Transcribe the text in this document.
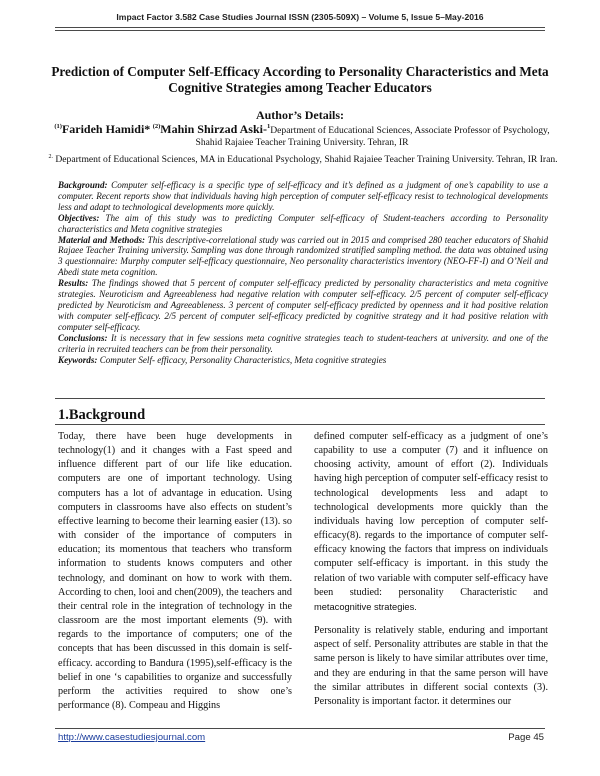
Impact Factor 3.582 Case Studies Journal ISSN (2305-509X) – Volume 5, Issue 5–May-2016
Prediction of Computer Self-Efficacy According to Personality Characteristics and Meta Cognitive Strategies among Teacher Educators
Author’s Details:
$^{(1)}$Farideh Hamidi* $^{(2)}$Mahin Shirzad Aski-$^1$Department of Educational Sciences, Associate Professor of Psychology, Shahid Rajaiee Teacher Training University. Tehran, IR
$^{2.}$ Department of Educational Sciences, MA in Educational Psychology, Shahid Rajaiee Teacher Training University. Tehran, IR Iran.

Background: Computer self-efficacy is a specific type of self-efficacy and it’s defined as a judgment of one’s capability to use a computer. Recent reports show that individuals having high perception of computer self-efficacy resist to technological developments less and adapt to technological developments more quickly.

Objectives: The aim of this study was to predicting Computer self-efficacy of Student-teachers according to Personality characteristics and Meta cognitive strategies

Material and Methods: This descriptive-correlational study was carried out in 2015 and comprised 280 teacher educators of Shahid Rajaee Teacher Training university. Sampling was done through randomized stratified sampling method. the data was obtained using 3 questionnaire: Murphy computer self-efficacy questionnaire, Neo personality characteristics inventory (NEO-FF-I) and O’Neil and Abedi state meta cognition.

Results: The findings showed that 5 percent of computer self-efficacy predicted by personality characteristics and meta cognitive strategies. Neuroticism and Agreeableness had negative relation with computer self-efficacy. 2/5 percent of computer self-efficacy predicted by Neuroticism and Agreeableness. 3 percent of computer self-efficacy predicted by openness and it had positive relation with computer self-efficacy. 2/5 percent of computer self-efficacy predicted by cognitive strategy and it had positive relation with computer self-efficacy.

Conclusions: It is necessary that in few sessions meta cognitive strategies teach to student-teachers at university. and one of the criteria in recruited teachers can be from their personality.

Keywords: Computer Self- efficacy, Personality Characteristics, Meta cognitive strategies

1.Background

Today, there have been huge developments in technology(1) and it changes with a Fast speed and influence different part of our life like education. computers are one of important technology. Using computers has a lot of advantage in education. Using computers in classrooms have also effects on student’s effective learning to become their learning easier (13). so with consider of the importance of computers in education; its momentous that teachers who transform information to students knows computers and other technology, and dominant on how to work with them. According to chen, looi and chen(2009), the teachers and their central role in the integration of technology in the classroom are the most important elements (9). with regards to the importance of computers; one of the concepts that has been discussed in this domain is self-efficacy. according to Bandura (1995),self-efficacy is the belief in one ‘s capabilities to organize and successfully perform the activities required to show one’s performance (8). Compeau and Higgins

defined computer self-efficacy as a judgment of one’s capability to use a computer (7) and it influence on choosing activity, amount of effort (2). Individuals having high perception of computer self-efficacy resist to technological developments less and adapt to technological developments more quickly than the individuals having low perception of computer self-efficacy(8). regards to the importance of computer self-efficacy knowing the factors that impress on individuals computer self-efficacy is important. in this study the relation of two variable with computer self-efficacy have been studied: personality Characteristic and metacognitive strategies.

Personality is relatively stable, enduring and important aspect of self. Personality attributes are stable in that the same person is likely to have similar attributes over time, and they are enduring in that the same person will have the similar attributes in different social contexts (3). Personality is important factor. it determines our

http://www.casestudiesjournal.com	Page 45
